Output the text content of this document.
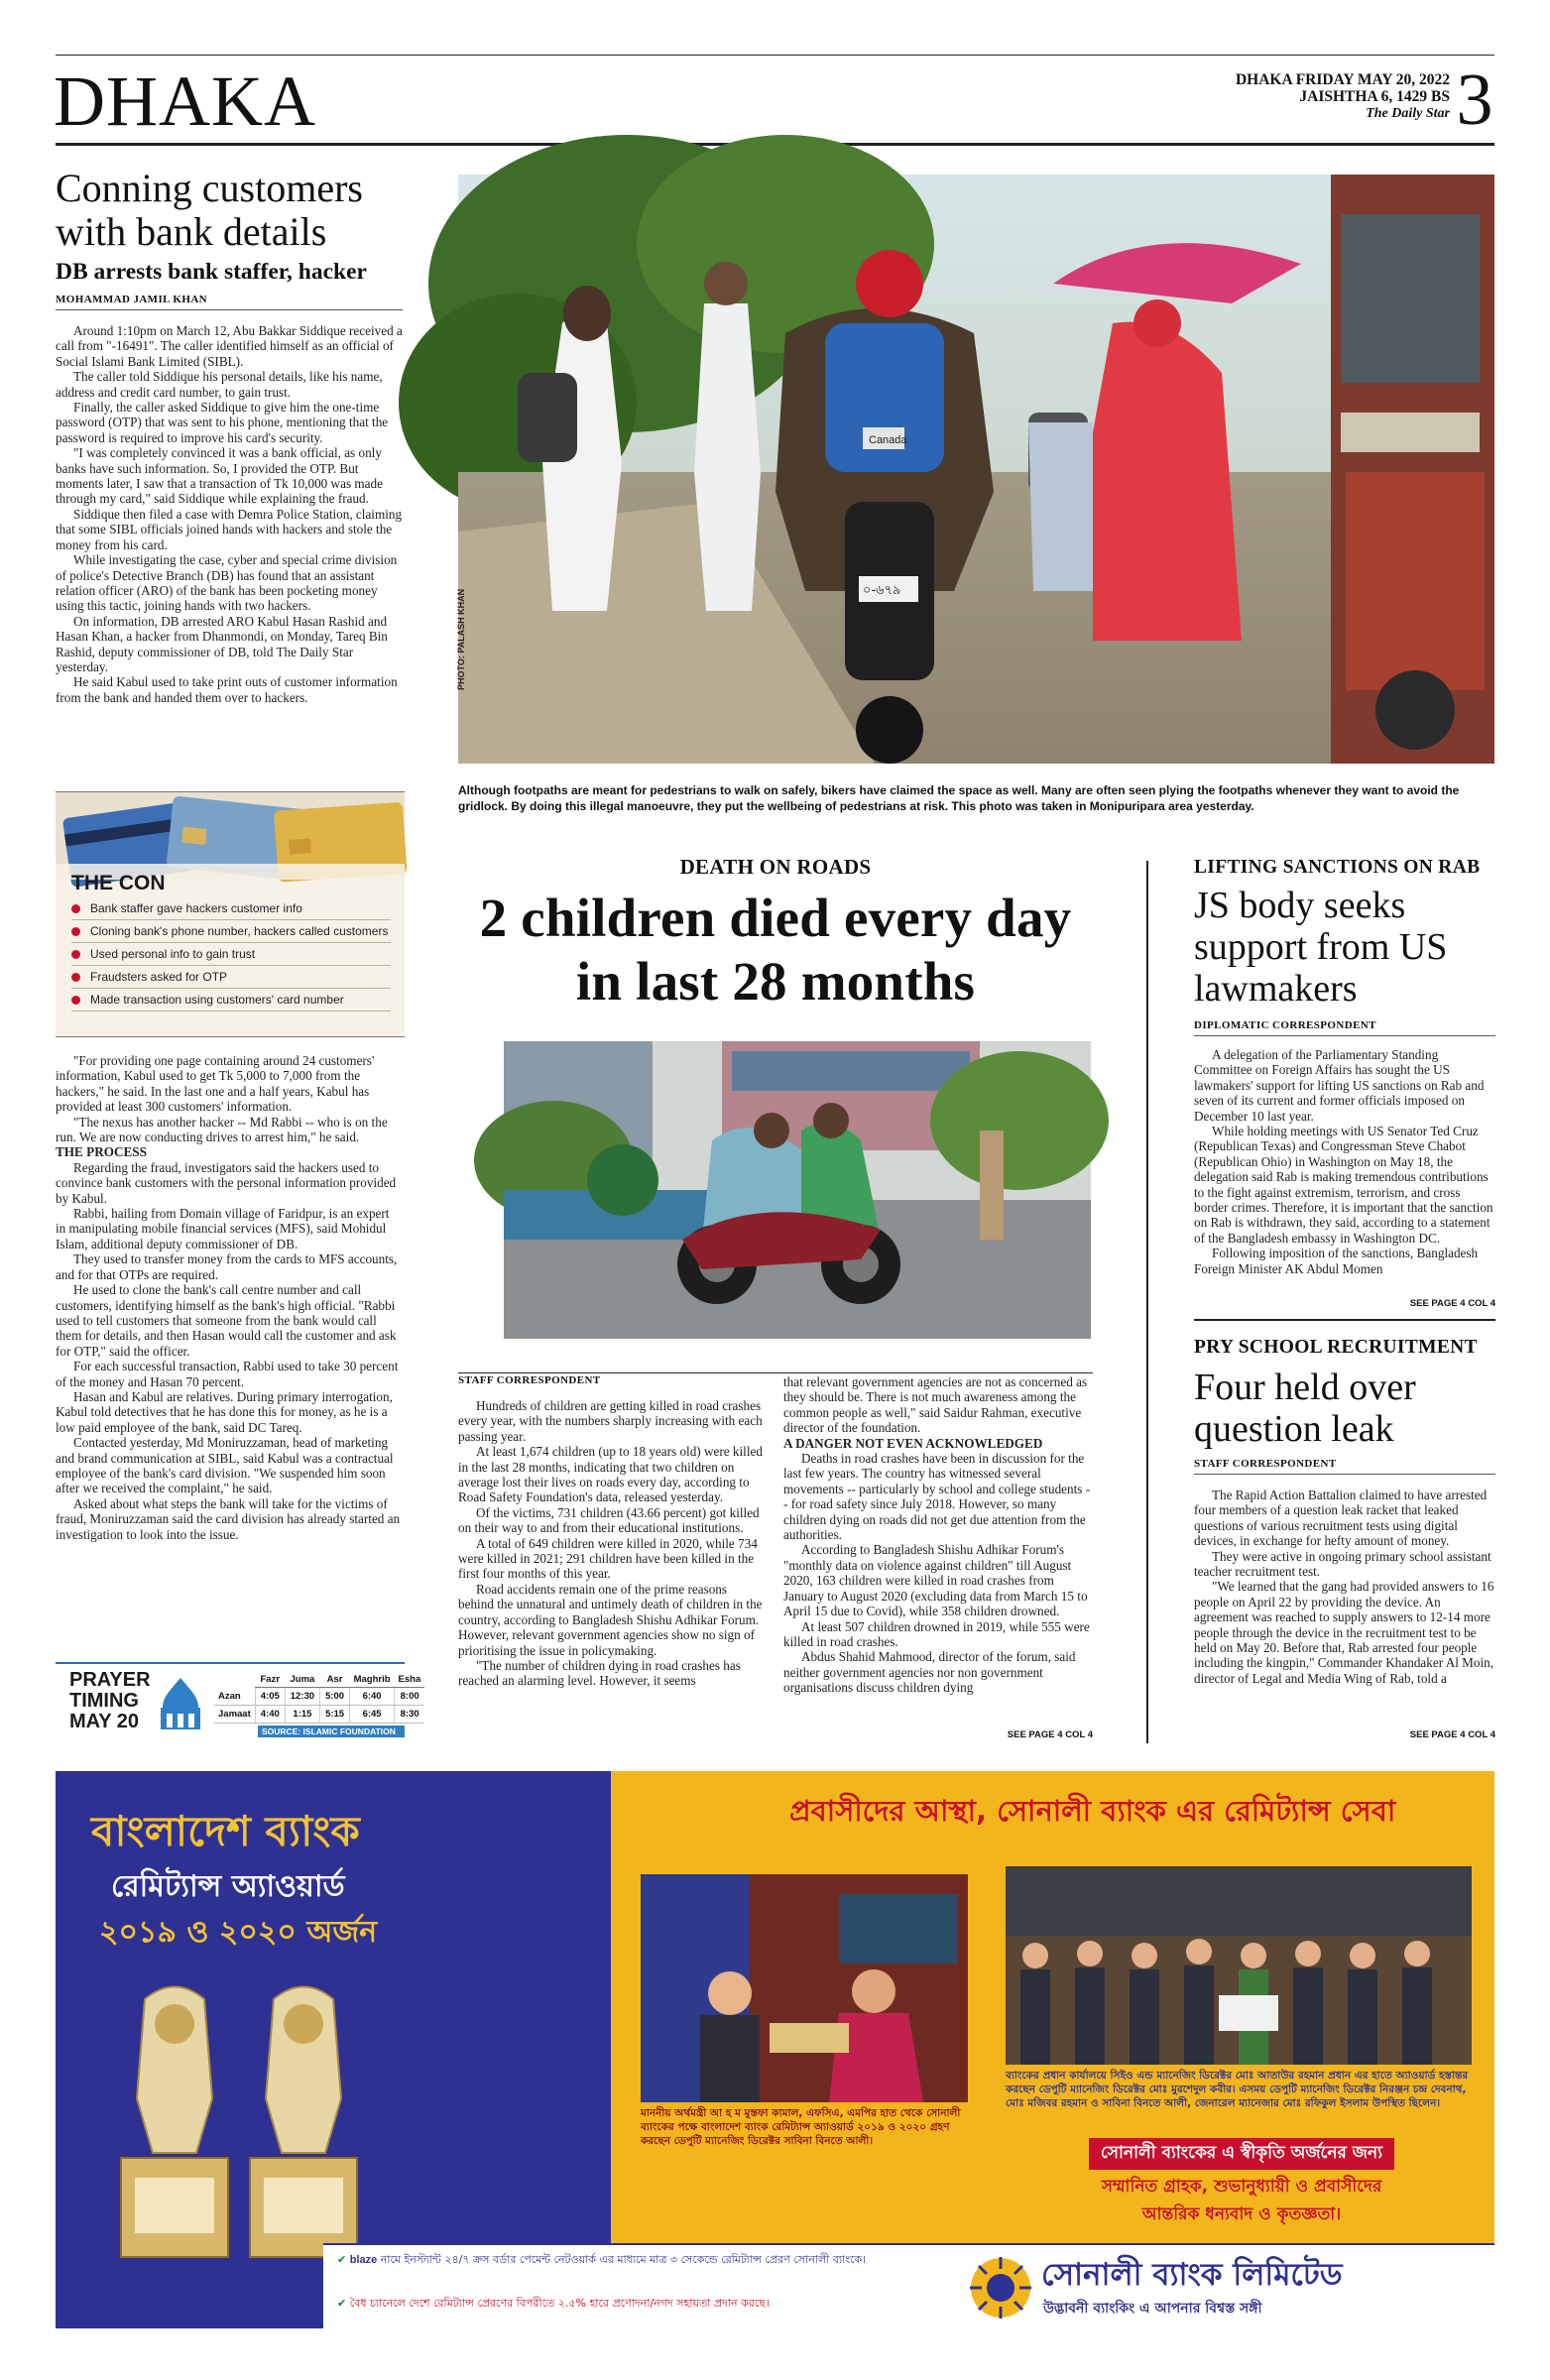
DHAKA	DHAKA FRIDAY MAY 20, 2022
JAISHTHA 6, 1429 BS
The Daily Star 3
Conning customers with bank details
DB arrests bank staffer, hacker
MOHAMMAD JAMIL KHAN

Around 1:10pm on March 12, Abu Bakkar Siddique received a call from "-16491". The caller identified himself as an official of Social Islami Bank Limited (SIBL).

The caller told Siddique his personal details, like his name, address and credit card number, to gain trust.

Finally, the caller asked Siddique to give him the one-time password (OTP) that was sent to his phone, mentioning that the password is required to improve his card's security.

"I was completely convinced it was a bank official, as only banks have such information. So, I provided the OTP. But moments later, I saw that a transaction of Tk 10,000 was made through my card," said Siddique while explaining the fraud.

Siddique then filed a case with Demra Police Station, claiming that some SIBL officials joined hands with hackers and stole the money from his card.

While investigating the case, cyber and special crime division of police's Detective Branch (DB) has found that an assistant relation officer (ARO) of the bank has been pocketing money using this tactic, joining hands with two hackers.

On information, DB arrested ARO Kabul Hasan Rashid and Hasan Khan, a hacker from Dhanmondi, on Monday, Tareq Bin Rashid, deputy commissioner of DB, told The Daily Star yesterday.

He said Kabul used to take print outs of customer information from the bank and handed them over to hackers.

THE CON
Bank staffer gave hackers customer info
Cloning bank's phone number, hackers called customers
Used personal info to gain trust
Fraudsters asked for OTP
Made transaction using customers' card number

"For providing one page containing around 24 customers' information, Kabul used to get Tk 5,000 to 7,000 from the hackers," he said. In the last one and a half years, Kabul has provided at least 300 customers' information.

"The nexus has another hacker -- Md Rabbi -- who is on the run. We are now conducting drives to arrest him," he said.

THE PROCESS

Regarding the fraud, investigators said the hackers used to convince bank customers with the personal information provided by Kabul.

Rabbi, hailing from Domain village of Faridpur, is an expert in manipulating mobile financial services (MFS), said Mohidul Islam, additional deputy commissioner of DB.

They used to transfer money from the cards to MFS accounts, and for that OTPs are required.

He used to clone the bank's call centre number and call customers, identifying himself as the bank's high official. "Rabbi used to tell customers that someone from the bank would call them for details, and then Hasan would call the customer and ask for OTP," said the officer.

For each successful transaction, Rabbi used to take 30 percent of the money and Hasan 70 percent.

Hasan and Kabul are relatives. During primary interrogation, Kabul told detectives that he has done this for money, as he is a low paid employee of the bank, said DC Tareq.

Contacted yesterday, Md Moniruzzaman, head of marketing and brand communication at SIBL, said Kabul was a contractual employee of the bank's card division. "We suspended him soon after we received the complaint," he said.

Asked about what steps the bank will take for the victims of fraud, Moniruzzaman said the card division has already started an investigation to look into the issue.

PRAYER
TIMING
MAY 20
	Fazr	Juma	Asr	Maghrib	Esha
Azan	4:05	12:30	5:00	6:40	8:00
Jamaat	4:40	1:15	5:15	6:45	8:30
SOURCE: ISLAMIC FOUNDATION
Canada
০-৬৭৯
PHOTO: PALASH KHAN
Although footpaths are meant for pedestrians to walk on safely, bikers have claimed the space as well. Many are often seen plying the footpaths whenever they want to avoid the gridlock. By doing this illegal manoeuvre, they put the wellbeing of pedestrians at risk. This photo was taken in Monipuripara area yesterday.
DEATH ON ROADS
2 children died every day in last 28 months
STAFF CORRESPONDENT

Hundreds of children are getting killed in road crashes every year, with the numbers sharply increasing with each passing year.

At least 1,674 children (up to 18 years old) were killed in the last 28 months, indicating that two children on average lost their lives on roads every day, according to Road Safety Foundation's data, released yesterday.

Of the victims, 731 children (43.66 percent) got killed on their way to and from their educational institutions.

A total of 649 children were killed in 2020, while 734 were killed in 2021; 291 children have been killed in the first four months of this year.

Road accidents remain one of the prime reasons behind the unnatural and untimely death of children in the country, according to Bangladesh Shishu Adhikar Forum. However, relevant government agencies show no sign of prioritising the issue in policymaking.

"The number of children dying in road crashes has reached an alarming level. However, it seems

that relevant government agencies are not as concerned as they should be. There is not much awareness among the common people as well," said Saidur Rahman, executive director of the foundation.

A DANGER NOT EVEN ACKNOWLEDGED

Deaths in road crashes have been in discussion for the last few years. The country has witnessed several movements -- particularly by school and college students -- for road safety since July 2018. However, so many children dying on roads did not get due attention from the authorities.

According to Bangladesh Shishu Adhikar Forum's "monthly data on violence against children" till August 2020, 163 children were killed in road crashes from January to August 2020 (excluding data from March 15 to April 15 due to Covid), while 358 children drowned.

At least 507 children drowned in 2019, while 555 were killed in road crashes.

Abdus Shahid Mahmood, director of the forum, said neither government agencies nor non government organisations discuss children dying

SEE PAGE 4 COL 4
LIFTING SANCTIONS ON RAB
JS body seeks support from US lawmakers
DIPLOMATIC CORRESPONDENT

A delegation of the Parliamentary Standing Committee on Foreign Affairs has sought the US lawmakers' support for lifting US sanctions on Rab and seven of its current and former officials imposed on December 10 last year.

While holding meetings with US Senator Ted Cruz (Republican Texas) and Congressman Steve Chabot (Republican Ohio) in Washington on May 18, the delegation said Rab is making tremendous contributions to the fight against extremism, terrorism, and cross border crimes. Therefore, it is important that the sanction on Rab is withdrawn, they said, according to a statement of the Bangladesh embassy in Washington DC.

Following imposition of the sanctions, Bangladesh Foreign Minister AK Abdul Momen

SEE PAGE 4 COL 4
PRY SCHOOL RECRUITMENT
Four held over question leak
STAFF CORRESPONDENT

The Rapid Action Battalion claimed to have arrested four members of a question leak racket that leaked questions of various recruitment tests using digital devices, in exchange for hefty amount of money.

They were active in ongoing primary school assistant teacher recruitment test.

"We learned that the gang had provided answers to 16 people on April 22 by providing the device. An agreement was reached to supply answers to 12-14 more people through the device in the recruitment test to be held on May 20. Before that, Rab arrested four people including the kingpin," Commander Khandaker Al Moin, director of Legal and Media Wing of Rab, told a

SEE PAGE 4 COL 4
বাংলাদেশ ব্যাংক
রেমিট্যান্স অ্যাওয়ার্ড
২০১৯ ও ২০২০ অর্জন
প্রবাসীদের আস্থা, সোনালী ব্যাংক এর রেমিট্যান্স সেবা
মাননীয় অর্থমন্ত্রী আ হ ম মুস্তফা কামাল, এফসিএ, এমপির হাত থেকে সোনালী ব্যাংকের পক্ষে বাংলাদেশ ব্যাংক রেমিট্যান্স অ্যাওয়ার্ড ২০১৯ ও ২০২০ গ্রহণ করছেন ডেপুটি ম্যানেজিং ডিরেক্টর সাবিনা বিনতে আলী।
ব্যাংকের প্রধান কার্যালয়ে সিইও এন্ড ম্যানেজিং ডিরেক্টর মোঃ আতাউর রহমান প্রধান এর হাতে অ্যাওয়ার্ড হস্তান্তর করছেন ডেপুটি ম্যানেজিং ডিরেক্টর মোঃ মুরশেদুল কবীর। এসময় ডেপুটি ম্যানেজিং ডিরেক্টর নিরঞ্জন চন্দ্র দেবনাথ, মোঃ মজিবর রহমান ও সাবিনা বিনতে আলী, জেনারেল ম্যানেজার মোঃ রফিকুল ইসলাম উপস্থিত ছিলেন।
সোনালী ব্যাংকের এ স্বীকৃতি অর্জনের জন্য
সম্মানিত গ্রাহক, শুভানুধ্যায়ী ও প্রবাসীদের
আন্তরিক ধন্যবাদ ও কৃতজ্ঞতা।
✔ blaze নামে ইনস্ট্যান্ট ২৪/৭ ক্রস বর্ডার পেমেন্ট নেটওয়ার্ক এর মাধ্যমে মাত্র ৩ সেকেন্ডে রেমিট্যান্স প্রেরণ সোনালী ব্যাংকে।
✔ বৈধ চ্যানেলে দেশে রেমিট্যান্স প্রেরণের বিপরীতে ২.৫% হারে প্রণোদনা/নগদ সহায়তা প্রদান করছে।
সোনালী ব্যাংক লিমিটেড
উদ্ভাবনী ব্যাংকিং এ আপনার বিশ্বস্ত সঙ্গী
